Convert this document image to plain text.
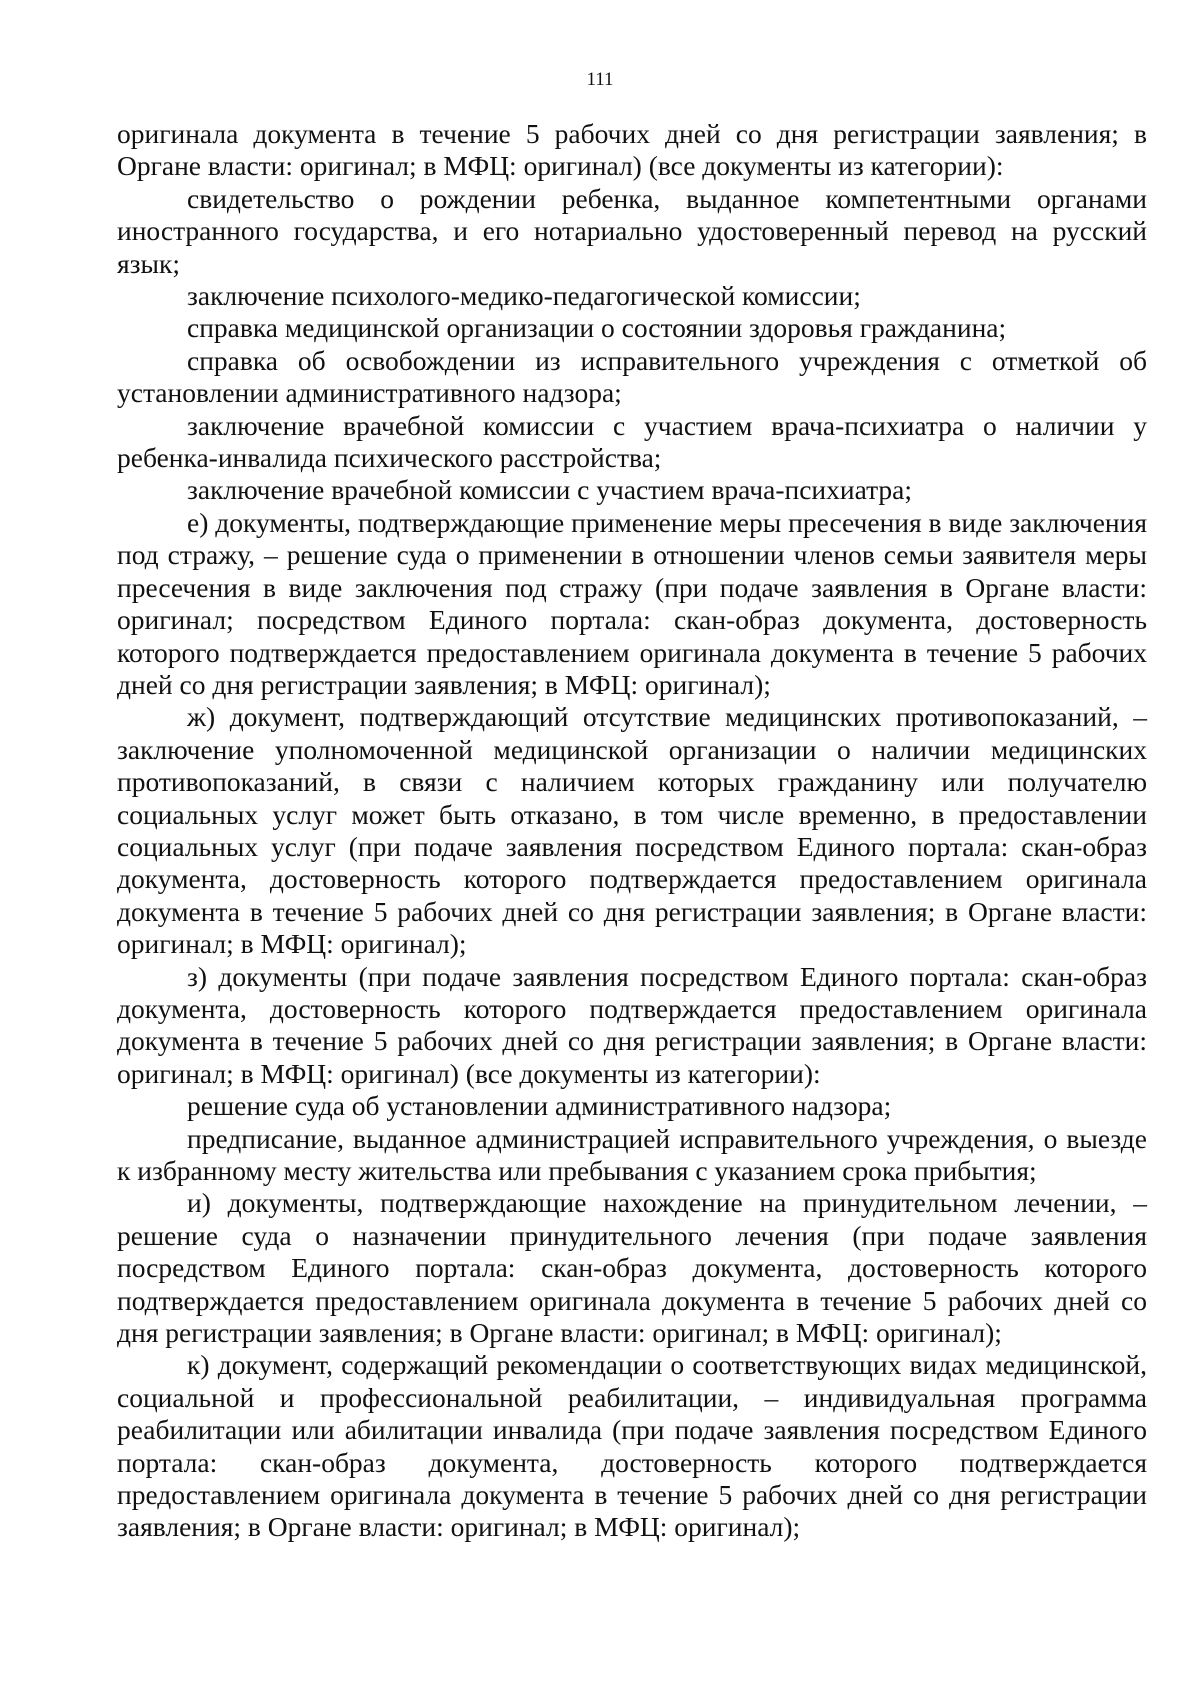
111

оригинала документа в течение 5 рабочих дней со дня регистрации заявления; в Органе власти: оригинал; в МФЦ: оригинал) (все документы из категории):

свидетельство о рождении ребенка, выданное компетентными органами иностранного государства, и его нотариально удостоверенный перевод на русский язык;

заключение психолого-медико-педагогической комиссии;

справка медицинской организации о состоянии здоровья гражданина;

справка об освобождении из исправительного учреждения с отметкой об установлении административного надзора;

заключение врачебной комиссии с участием врача-психиатра о наличии у ребенка-инвалида психического расстройства;

заключение врачебной комиссии с участием врача-психиатра;

е) документы, подтверждающие применение меры пресечения в виде заключения под стражу, – решение суда о применении в отношении членов семьи заявителя меры пресечения в виде заключения под стражу (при подаче заявления в Органе власти: оригинал; посредством Единого портала: скан-образ документа, достоверность которого подтверждается предоставлением оригинала документа в течение 5 рабочих дней со дня регистрации заявления; в МФЦ: оригинал);

ж) документ, подтверждающий отсутствие медицинских противопоказаний, – заключение уполномоченной медицинской организации о наличии медицинских противопоказаний, в связи с наличием которых гражданину или получателю социальных услуг может быть отказано, в том числе временно, в предоставлении социальных услуг (при подаче заявления посредством Единого портала: скан-образ документа, достоверность которого подтверждается предоставлением оригинала документа в течение 5 рабочих дней со дня регистрации заявления; в Органе власти: оригинал; в МФЦ: оригинал);

з) документы (при подаче заявления посредством Единого портала: скан-образ документа, достоверность которого подтверждается предоставлением оригинала документа в течение 5 рабочих дней со дня регистрации заявления; в Органе власти: оригинал; в МФЦ: оригинал) (все документы из категории):

решение суда об установлении административного надзора;

предписание, выданное администрацией исправительного учреждения, о выезде к избранному месту жительства или пребывания с указанием срока прибытия;

и) документы, подтверждающие нахождение на принудительном лечении, – решение суда о назначении принудительного лечения (при подаче заявления посредством Единого портала: скан-образ документа, достоверность которого подтверждается предоставлением оригинала документа в течение 5 рабочих дней со дня регистрации заявления; в Органе власти: оригинал; в МФЦ: оригинал);

к) документ, содержащий рекомендации о соответствующих видах медицинской, социальной и профессиональной реабилитации, – индивидуальная программа реабилитации или абилитации инвалида (при подаче заявления посредством Единого портала: скан-образ документа, достоверность которого подтверждается предоставлением оригинала документа в течение 5 рабочих дней со дня регистрации заявления; в Органе власти: оригинал; в МФЦ: оригинал);
